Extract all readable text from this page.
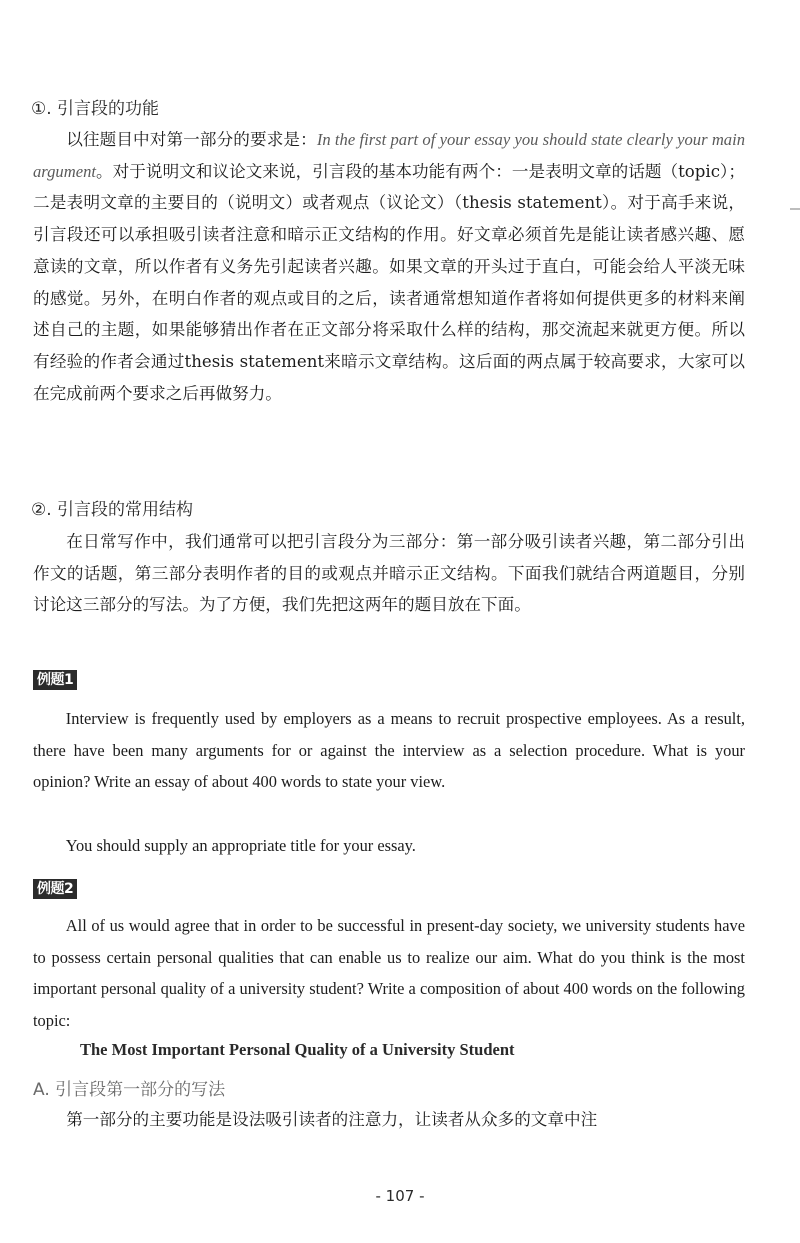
①. 引言段的功能

以往题目中对第一部分的要求是：In the first part of your essay you should state clearly your main argument。对于说明文和议论文来说，引言段的基本功能有两个：一是表明文章的话题（topic）；二是表明文章的主要目的（说明文）或者观点（议论文）（thesis statement）。对于高手来说，引言段还可以承担吸引读者注意和暗示正文结构的作用。好文章必须首先是能让读者感兴趣、愿意读的文章，所以作者有义务先引起读者兴趣。如果文章的开头过于直白，可能会给人平淡无味的感觉。另外，在明白作者的观点或目的之后，读者通常想知道作者将如何提供更多的材料来阐述自己的主题，如果能够猜出作者在正文部分将采取什么样的结构，那交流起来就更方便。所以有经验的作者会通过thesis statement来暗示文章结构。这后面的两点属于较高要求，大家可以在完成前两个要求之后再做努力。

②. 引言段的常用结构

在日常写作中，我们通常可以把引言段分为三部分：第一部分吸引读者兴趣，第二部分引出作文的话题，第三部分表明作者的目的或观点并暗示正文结构。下面我们就结合两道题目，分别讨论这三部分的写法。为了方便，我们先把这两年的题目放在下面。

例题1

Interview is frequently used by employers as a means to recruit prospective employees. As a result, there have been many arguments for or against the interview as a selection procedure. What is your opinion? Write an essay of about 400 words to state your view.

You should supply an appropriate title for your essay.

例题2

All of us would agree that in order to be successful in present-day society, we university students have to possess certain personal qualities that can enable us to realize our aim. What do you think is the most important personal quality of a university student? Write a composition of about 400 words on the following topic:

The Most Important Personal Quality of a University Student
A. 引言段第一部分的写法

第一部分的主要功能是设法吸引读者的注意力，让读者从众多的文章中注

- 107 -
